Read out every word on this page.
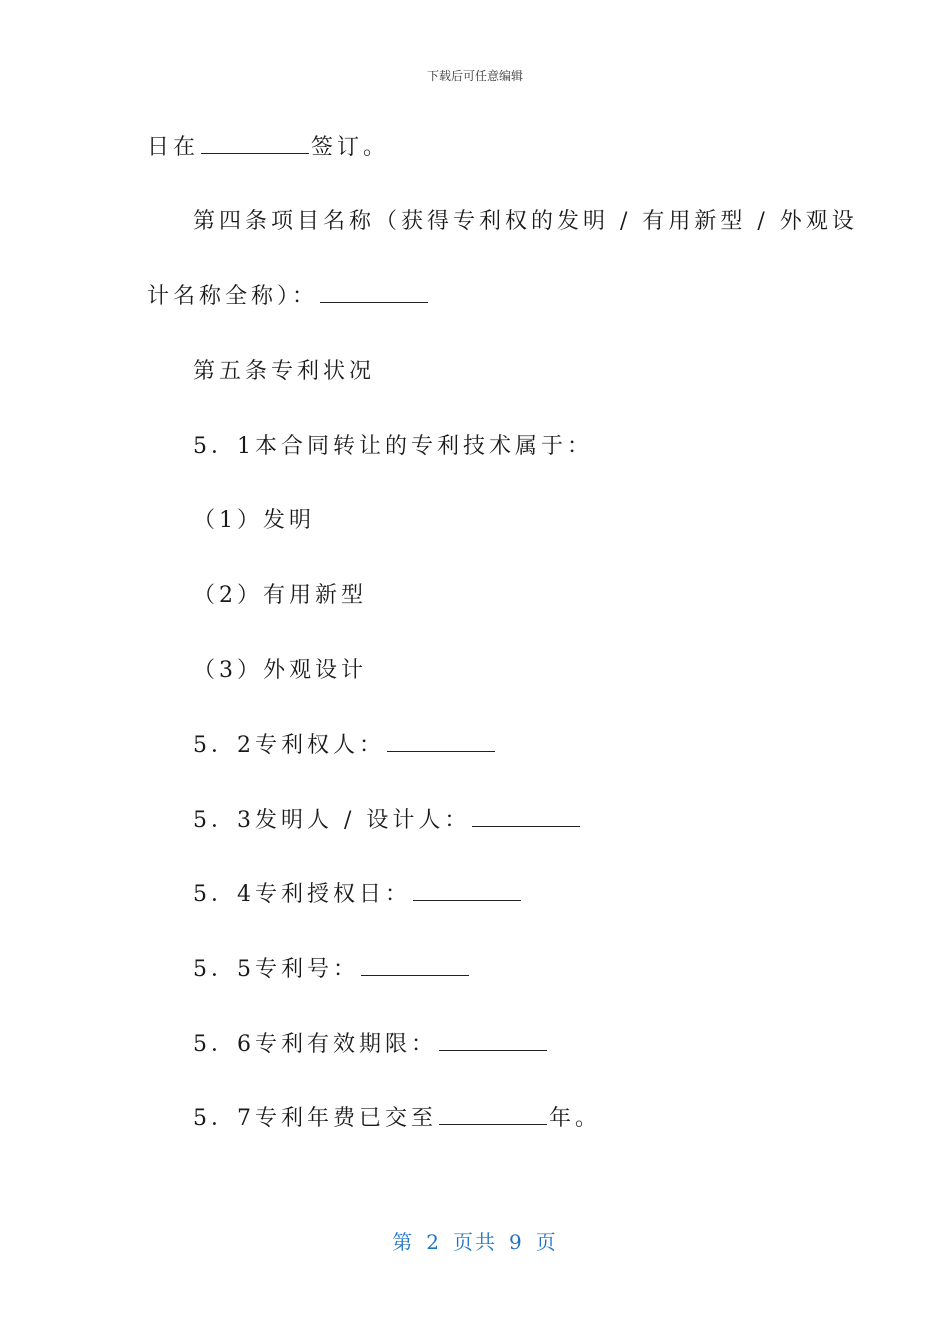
下载后可任意编辑
日在	签订。
第四条项目名称（获得专利权的发明 / 有用新型 / 外观设
计名称全称）：
第五条专利状况
5．1本合同转让的专利技术属于：
（1）发明
（2）有用新型
（3）外观设计
5．2专利权人：
5．3发明人 / 设计人：
5．4专利授权日：
5．5专利号：
5．6专利有效期限：
5．7专利年费已交至	年。
第 2 页共 9 页
